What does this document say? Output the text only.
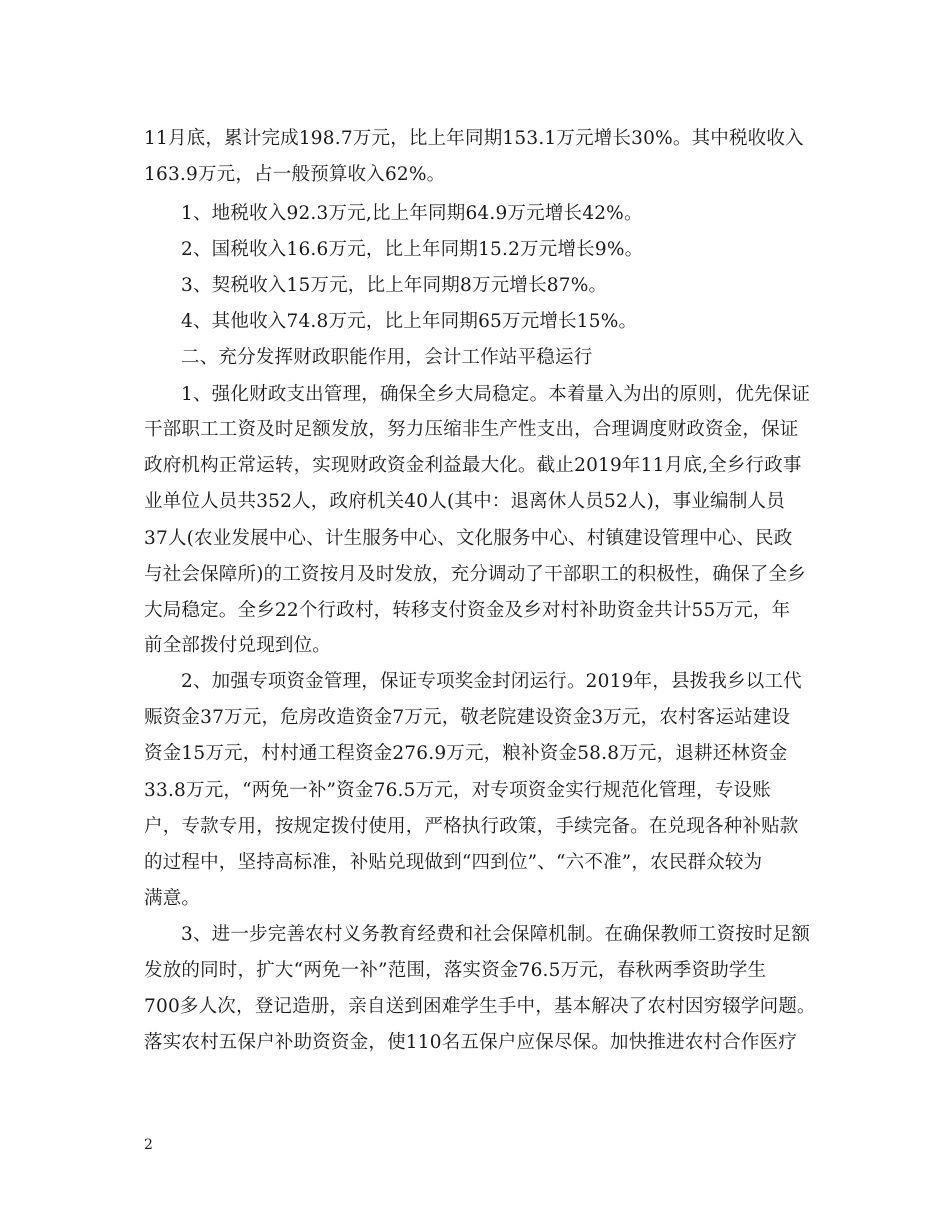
11月底，累计完成198.7万元，比上年同期153.1万元增长30%。其中税收收入
163.9万元，占一般预算收入62%。
1、地税收入92.3万元,比上年同期64.9万元增长42%。
2、国税收入16.6万元，比上年同期15.2万元增长9%。
3、契税收入15万元，比上年同期8万元增长87%。
4、其他收入74.8万元，比上年同期65万元增长15%。
二、充分发挥财政职能作用，会计工作站平稳运行
1、强化财政支出管理，确保全乡大局稳定。本着量入为出的原则，优先保证
干部职工工资及时足额发放，努力压缩非生产性支出，合理调度财政资金，保证
政府机构正常运转，实现财政资金利益最大化。截止2019年11月底,全乡行政事
业单位人员共352人，政府机关40人(其中：退离休人员52人)，事业编制人员
37人(农业发展中心、计生服务中心、文化服务中心、村镇建设管理中心、民政
与社会保障所)的工资按月及时发放，充分调动了干部职工的积极性，确保了全乡
大局稳定。全乡22个行政村，转移支付资金及乡对村补助资金共计55万元，年
前全部拨付兑现到位。
2、加强专项资金管理，保证专项奖金封闭运行。2019年，县拨我乡以工代
赈资金37万元，危房改造资金7万元，敬老院建设资金3万元，农村客运站建设
资金15万元，村村通工程资金276.9万元，粮补资金58.8万元，退耕还林资金
33.8万元，“两免一补”资金76.5万元，对专项资金实行规范化管理，专设账
户，专款专用，按规定拨付使用，严格执行政策，手续完备。在兑现各种补贴款
的过程中，坚持高标准，补贴兑现做到“四到位”、“六不准”，农民群众较为
满意。
3、进一步完善农村义务教育经费和社会保障机制。在确保教师工资按时足额
发放的同时，扩大“两免一补”范围，落实资金76.5万元，春秋两季资助学生
700多人次，登记造册，亲自送到困难学生手中，基本解决了农村因穷辍学问题。
落实农村五保户补助资资金，使110名五保户应保尽保。加快推进农村合作医疗
2
